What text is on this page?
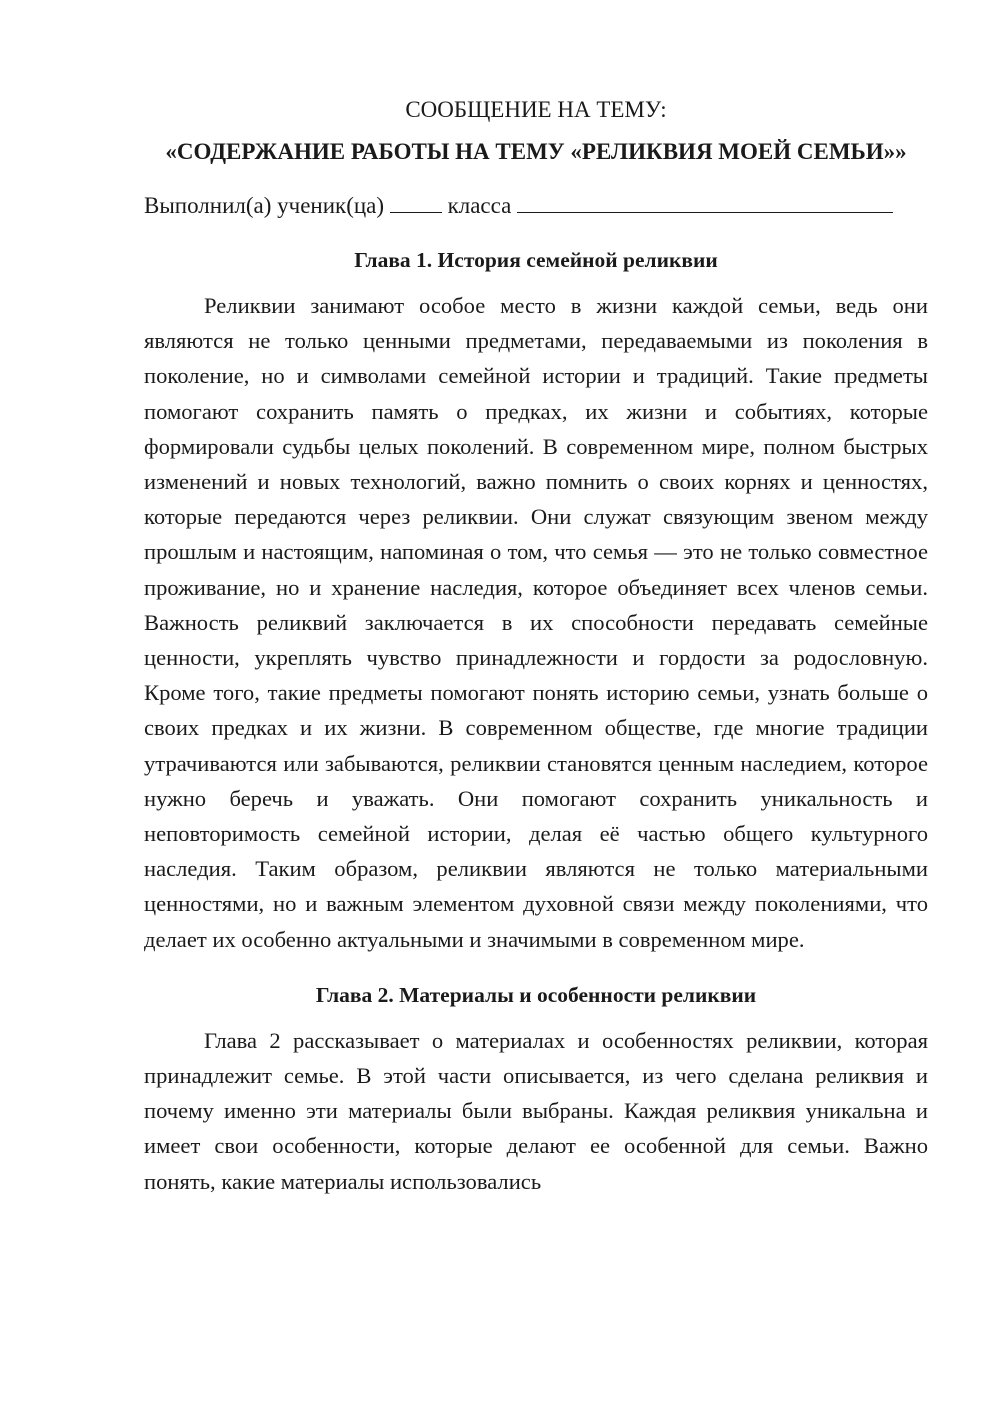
СООБЩЕНИЕ НА ТЕМУ:

«СОДЕРЖАНИЕ РАБОТЫ НА ТЕМУ «РЕЛИКВИЯ МОЕЙ СЕМЬИ»»

Выполнил(а) ученик(ца)	класса

Глава 1. История семейной реликвии

Реликвии занимают особое место в жизни каждой семьи, ведь они являются не только ценными предметами, передаваемыми из поколения в поколение, но и символами семейной истории и традиций. Такие предметы помогают сохранить память о предках, их жизни и событиях, которые формировали судьбы целых поколений. В современном мире, полном быстрых изменений и новых технологий, важно помнить о своих корнях и ценностях, которые передаются через реликвии. Они служат связующим звеном между прошлым и настоящим, напоминая о том, что семья — это не только совместное проживание, но и хранение наследия, которое объединяет всех членов семьи. Важность реликвий заключается в их способности передавать семейные ценности, укреплять чувство принадлежности и гордости за родословную. Кроме того, такие предметы помогают понять историю семьи, узнать больше о своих предках и их жизни. В современном обществе, где многие традиции утрачиваются или забываются, реликвии становятся ценным наследием, которое нужно беречь и уважать. Они помогают сохранить уникальность и неповторимость семейной истории, делая её частью общего культурного наследия. Таким образом, реликвии являются не только материальными ценностями, но и важным элементом духовной связи между поколениями, что делает их особенно актуальными и значимыми в современном мире.

Глава 2. Материалы и особенности реликвии

Глава 2 рассказывает о материалах и особенностях реликвии, которая принадлежит семье. В этой части описывается, из чего сделана реликвия и почему именно эти материалы были выбраны. Каждая реликвия уникальна и имеет свои особенности, которые делают ее особенной для семьи. Важно понять, какие материалы использовались
